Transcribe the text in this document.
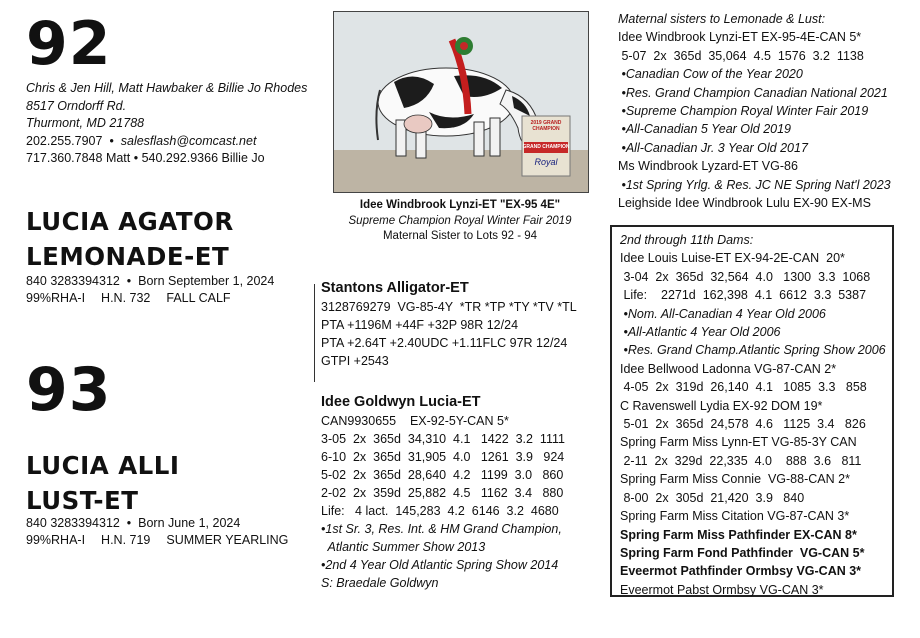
92
Chris & Jen Hill, Matt Hawbaker & Billie Jo Rhodes
8517 Orndorff Rd.
Thurmont, MD 21788
202.255.7907  •  salesflash@comcast.net
717.360.7848 Matt • 540.292.9366 Billie Jo
LUCIA AGATOR
LEMONADE-ET
840 3283394312  •  Born September 1, 2024
99%RHA-I H.N. 732 FALL CALF
93
LUCIA ALLI
LUST-ET
840 3283394312  •  Born June 1, 2024
99%RHA-I H.N. 719 SUMMER YEARLING
2019 GRAND CHAMPION
GRAND CHAMPION
Royal
Idee Windbrook Lynzi-ET "EX-95 4E"
Supreme Champion Royal Winter Fair 2019
Maternal Sister to Lots 92 - 94
Stantons Alligator-ET
3128769279  VG-85-4Y  *TR *TP *TY *TV *TL
PTA +1196M +44F +32P 98R 12/24
PTA +2.64T +2.40UDC +1.11FLC 97R 12/24
GTPI +2543
Idee Goldwyn Lucia-ET
CAN9930655    EX-92-5Y-CAN 5*
3-05  2x  365d  34,310  4.1   1422  3.2  1111
6-10  2x  365d  31,905  4.0   1261  3.9   924
5-02  2x  365d  28,640  4.2   1199  3.0   860
2-02  2x  359d  25,882  4.5   1162  3.4   880
Life:   4 lact.  145,283  4.2  6146  3.2  4680
•1st Sr. 3, Res. Int. & HM Grand Champion,
Atlantic Summer Show 2013
•2nd 4 Year Old Atlantic Spring Show 2014
S: Braedale Goldwyn
Maternal sisters to Lemonade & Lust:
Idee Windbrook Lynzi-ET EX-95-4E-CAN 5*
5-07  2x  365d  35,064  4.5  1576  3.2  1138
•Canadian Cow of the Year 2020
•Res. Grand Champion Canadian National 2021
•Supreme Champion Royal Winter Fair 2019
•All-Canadian 5 Year Old 2019
•All-Canadian Jr. 3 Year Old 2017
Ms Windbrook Lyzard-ET VG-86
•1st Spring Yrlg. & Res. JC NE Spring Nat'l 2023
Leighside Idee Windbrook Lulu EX-90 EX-MS
2nd through 11th Dams:
Idee Louis Luise-ET EX-94-2E-CAN  20*
3-04  2x  365d  32,564  4.0   1300  3.3  1068
Life:    2271d  162,398  4.1  6612  3.3  5387
•Nom. All-Canadian 4 Year Old 2006
•All-Atlantic 4 Year Old 2006
•Res. Grand Champ.Atlantic Spring Show 2006
Idee Bellwood Ladonna VG-87-CAN 2*
4-05  2x  319d  26,140  4.1   1085  3.3   858
C Ravenswell Lydia EX-92 DOM 19*
5-01  2x  365d  24,578  4.6   1125  3.4   826
Spring Farm Miss Lynn-ET VG-85-3Y CAN
2-11  2x  329d  22,335  4.0    888  3.6   811
Spring Farm Miss Connie  VG-88-CAN 2*
8-00  2x  305d  21,420  3.9   840
Spring Farm Miss Citation VG-87-CAN 3*
Spring Farm Miss Pathfinder EX-CAN 8*
Spring Farm Fond Pathfinder  VG-CAN 5*
Eveermot Pathfinder Ormbsy VG-CAN 3*
Eveermot Pabst Ormbsy VG-CAN 3*
